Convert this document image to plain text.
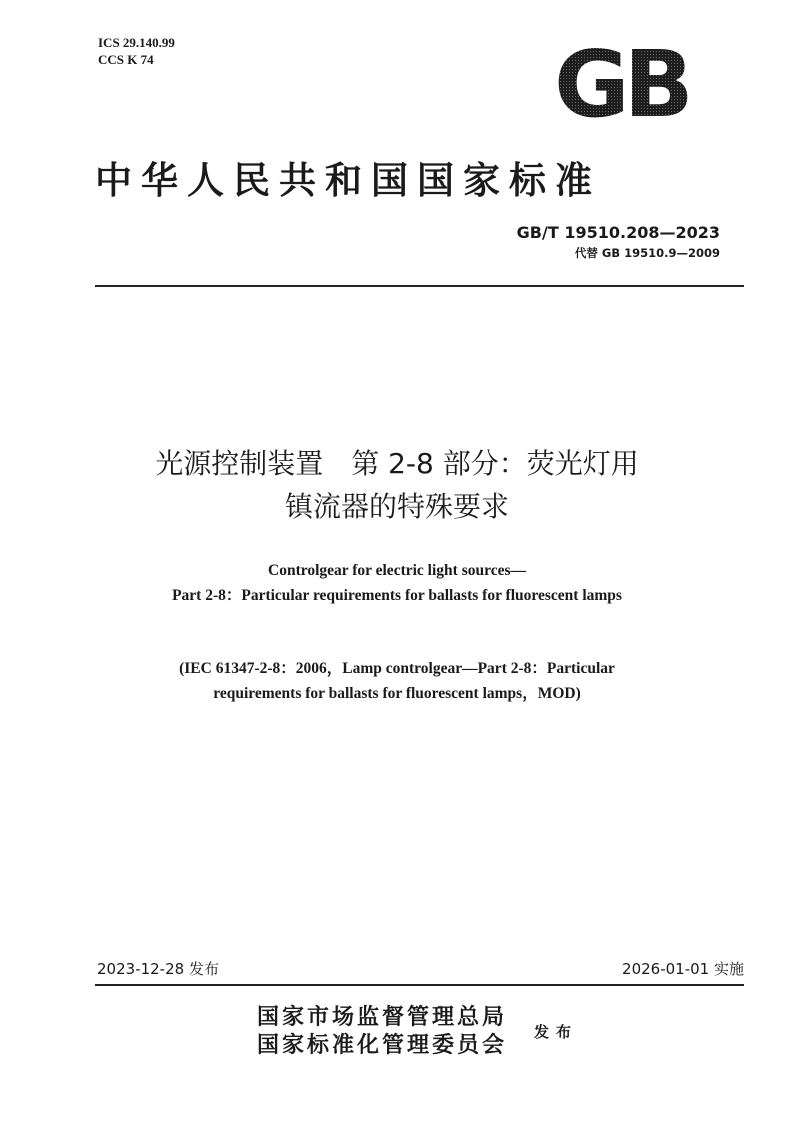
ICS 29.140.99
CCS K 74	GB
中华人民共和国国家标准
GB/T 19510.208—2023
代替 GB 19510.9—2009
光源控制装置　第 2-8 部分：荧光灯用
镇流器的特殊要求
Controlgear for electric light sources—
Part 2-8：Particular requirements for ballasts for fluorescent lamps
(IEC 61347-2-8：2006，Lamp controlgear—Part 2-8：Particular
requirements for ballasts for fluorescent lamps，MOD)
2023-12-28 发布	2026-01-01 实施
国家市场监督管理总局
国家标准化管理委员会 发布
